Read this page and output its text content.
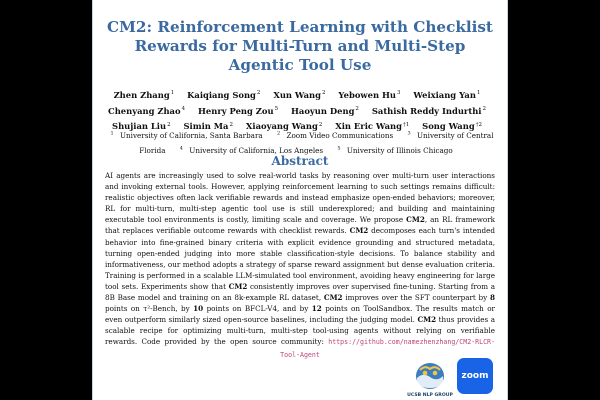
CM2: Reinforcement Learning with Checklist
Rewards for Multi-Turn and Multi-Step
Agentic Tool Use
Zhen Zhang$^1$ Kaiqiang Song$^2$ Xun Wang$^2$ Yebowen Hu$^3$ Weixiang Yan$^1$
Chenyang Zhao$^4$ Henry Peng Zou$^5$ Haoyun Deng$^2$ Sathish Reddy Indurthi$^2$
Shujian Liu$^2$ Simin Ma$^2$ Xiaoyang Wang$^2$ Xin Eric Wang$^{\dagger 1}$ Song Wang$^{\dagger 2}$
$^1$ University of California, Santa Barbara	$^2$ Zoom Video Communications	$^3$ University of Central Florida	$^4$ University of California, Los Angeles	$^5$ University of Illinois Chicago
Abstract
AI agents are increasingly used to solve real-world tasks by reasoning over multi-turn user interactions and invoking external tools. However, applying reinforcement learning to such settings remains difficult: realistic objectives often lack verifiable rewards and instead emphasize open-ended behaviors; moreover, RL for multi-turn, multi-step agentic tool use is still underexplored; and building and maintaining executable tool environments is costly, limiting scale and coverage. We propose CM2, an RL framework that replaces verifiable outcome rewards with checklist rewards. CM2 decomposes each turn's intended behavior into fine-grained binary criteria with explicit evidence grounding and structured metadata, turning open-ended judging into more stable classification-style decisions. To balance stability and informativeness, our method adopts a strategy of sparse reward assignment but dense evaluation criteria. Training is performed in a scalable LLM-simulated tool environment, avoiding heavy engineering for large tool sets. Experiments show that CM2 consistently improves over supervised fine-tuning. Starting from a 8B Base model and training on an 8k-example RL dataset, CM2 improves over the SFT counterpart by 8 points on τ²-Bench, by 10 points on BFCL-V4, and by 12 points on ToolSandbox. The results match or even outperform similarly sized open-source baselines, including the judging model. CM2 thus provides a scalable recipe for optimizing multi-turn, multi-step tool-using agents without relying on verifiable rewards. Code provided by the open source community: https://github.com/namezhenzhang/CM2-RLCR-Tool-Agent
UCSB NLP GROUP
zoom
